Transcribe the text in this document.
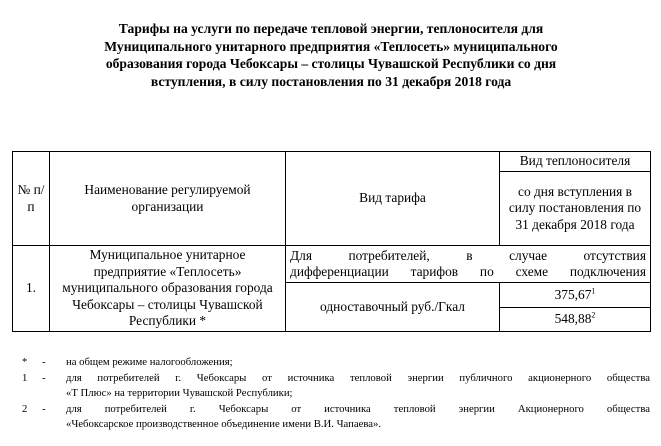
Тарифы на услуги по передаче тепловой энергии, теплоносителя для
Муниципального унитарного предприятия «Теплосеть» муниципального
образования города Чебоксары – столицы Чувашской Республики со дня
вступления, в силу постановления по 31 декабря 2018 года
№ п/п	Наименование регулируемой организации	Вид тарифа	Вид теплоносителя
			со дня вступления в силу постановления по 31 декабря 2018 года
1.	Муниципальное унитарное предприятие «Теплосеть» муниципального образования города Чебоксары – столицы Чувашской Республики *	Для потребителей, в случае отсутствия
дифференциации тарифов по схеме подключения	

		одноставочный руб./Гкал	375,67$^1$
			548,88$^2$
* - на общем режиме налогообложения;
1 - для потребителей г. Чебоксары от источника тепловой энергии публичного акционерного общества
«Т Плюс» на территории Чувашской Республики;
2 - для потребителей г. Чебоксары от источника тепловой энергии Акционерного общества
«Чебоксарское производственное объединение имени В.И. Чапаева».
